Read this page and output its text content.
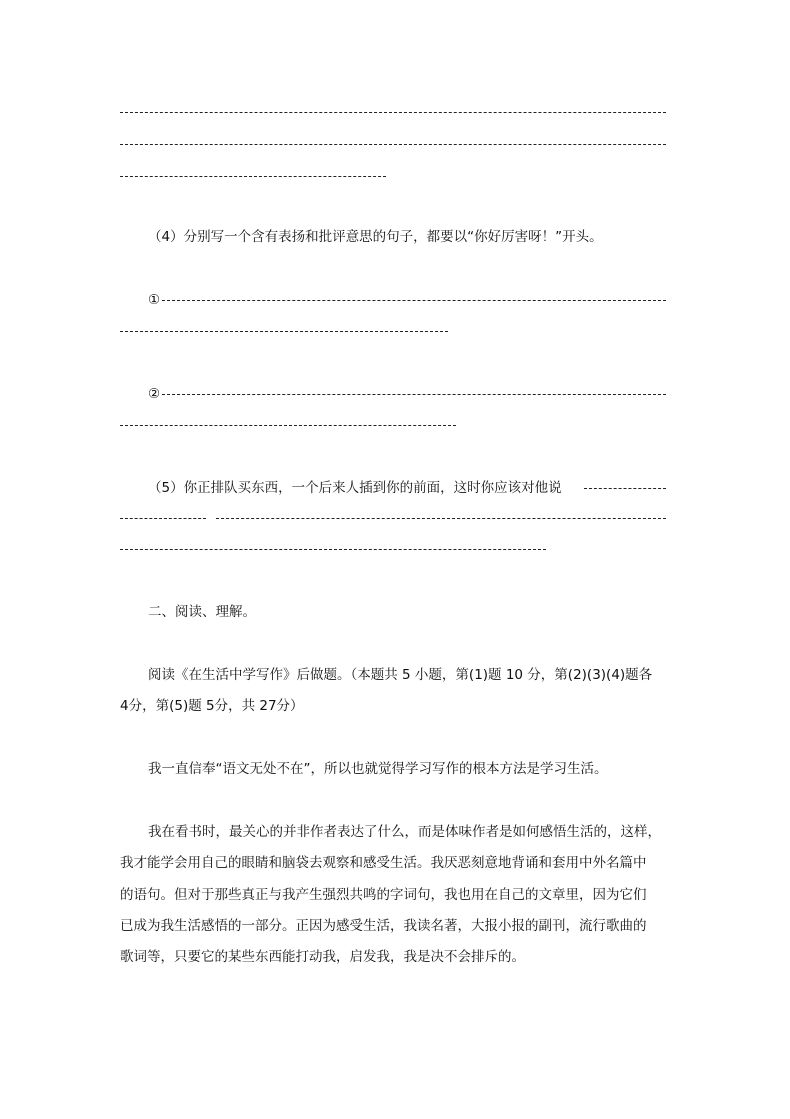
（4）分别写一个含有表扬和批评意思的句子，都要以“你好厉害呀！”开头。
①
②
（5）你正排队买东西，一个后来人插到你的前面，这时你应该对他说
二、阅读、理解。
阅读《在生活中学写作》后做题。（本题共 5 小题，第(1)题 10 分，第(2)(3)(4)题各
4分，第(5)题 5分，共 27分）
我一直信奉“语文无处不在”，所以也就觉得学习写作的根本方法是学习生活。
我在看书时，最关心的并非作者表达了什么，而是体味作者是如何感悟生活的，这样，
我才能学会用自己的眼睛和脑袋去观察和感受生活。我厌恶刻意地背诵和套用中外名篇中
的语句。但对于那些真正与我产生强烈共鸣的字词句，我也用在自己的文章里，因为它们
已成为我生活感悟的一部分。正因为感受生活，我读名著，大报小报的副刊，流行歌曲的
歌词等，只要它的某些东西能打动我，启发我，我是决不会排斥的。
